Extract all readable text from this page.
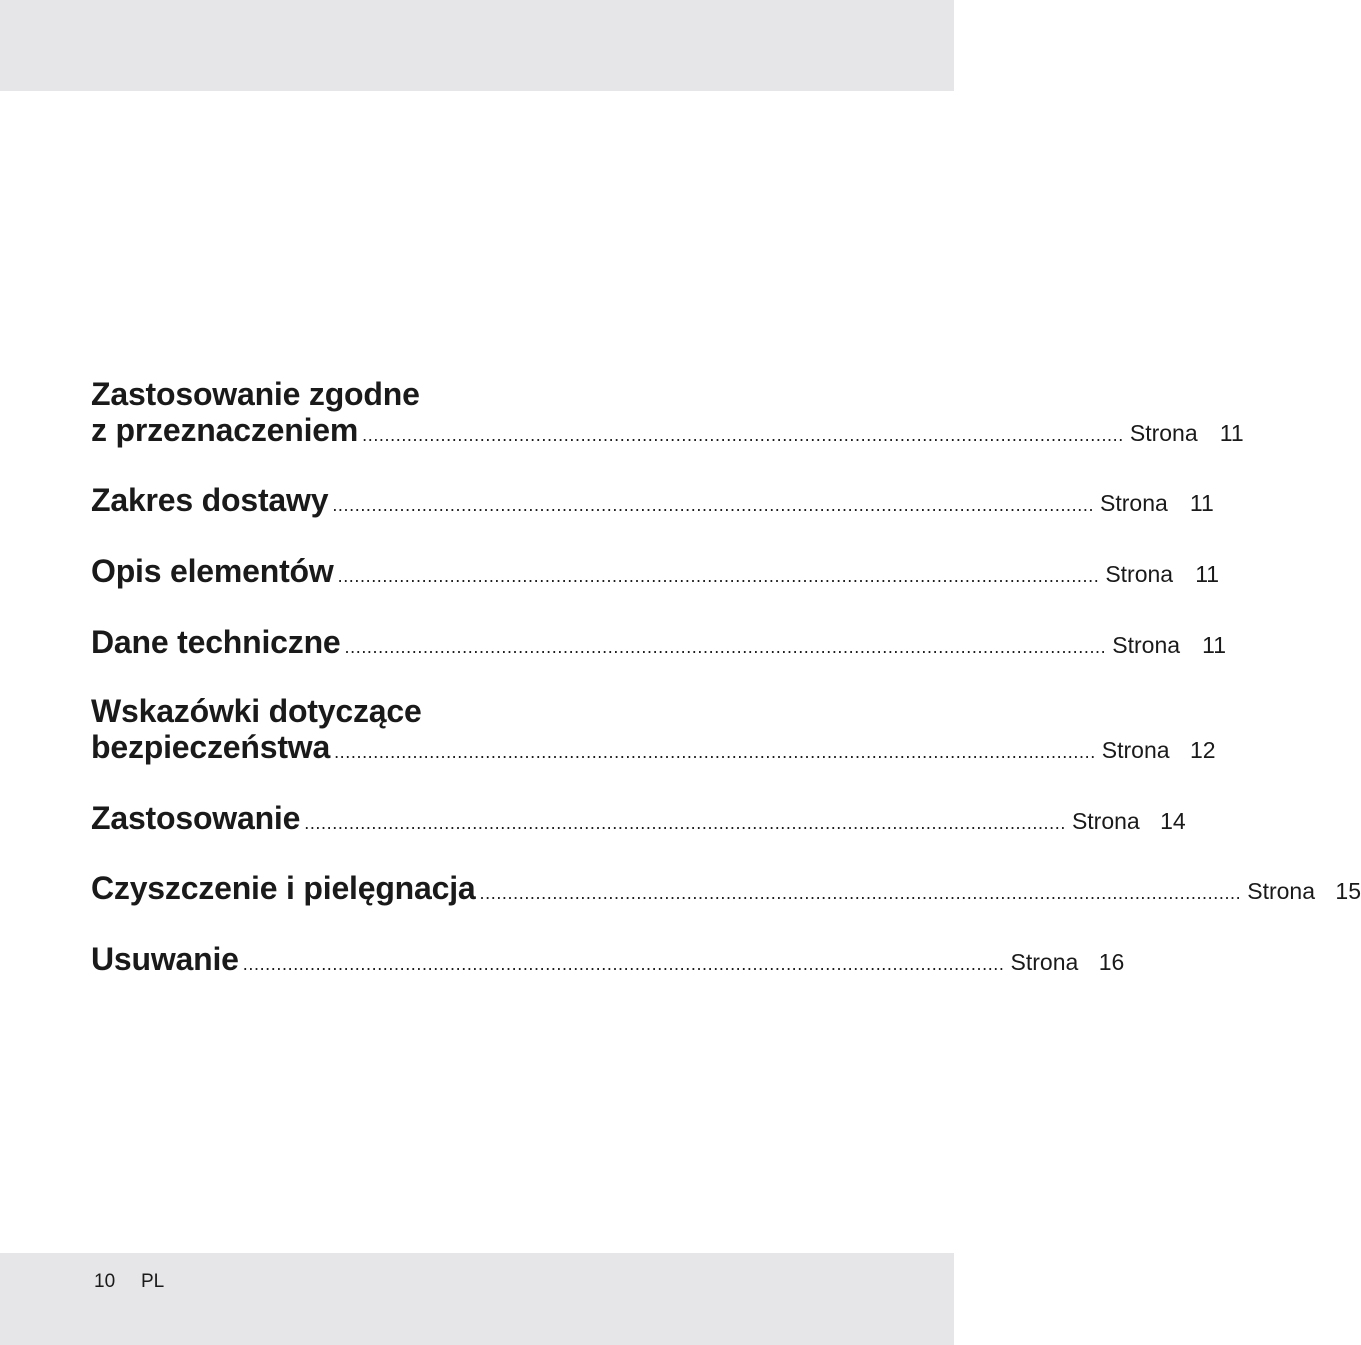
Zastosowanie zgodne
z przeznaczeniem ........................................................................................................................................ Strona 11
Zakres dostawy ........................................................................................................................................ Strona 11
Opis elementów ........................................................................................................................................ Strona 11
Dane techniczne ........................................................................................................................................ Strona 11
Wskazówki dotyczące
bezpieczeństwa ........................................................................................................................................ Strona 12
Zastosowanie ........................................................................................................................................ Strona 14
Czyszczenie i pielęgnacja ........................................................................................................................................ Strona 15
Usuwanie ........................................................................................................................................ Strona 16
10 PL
